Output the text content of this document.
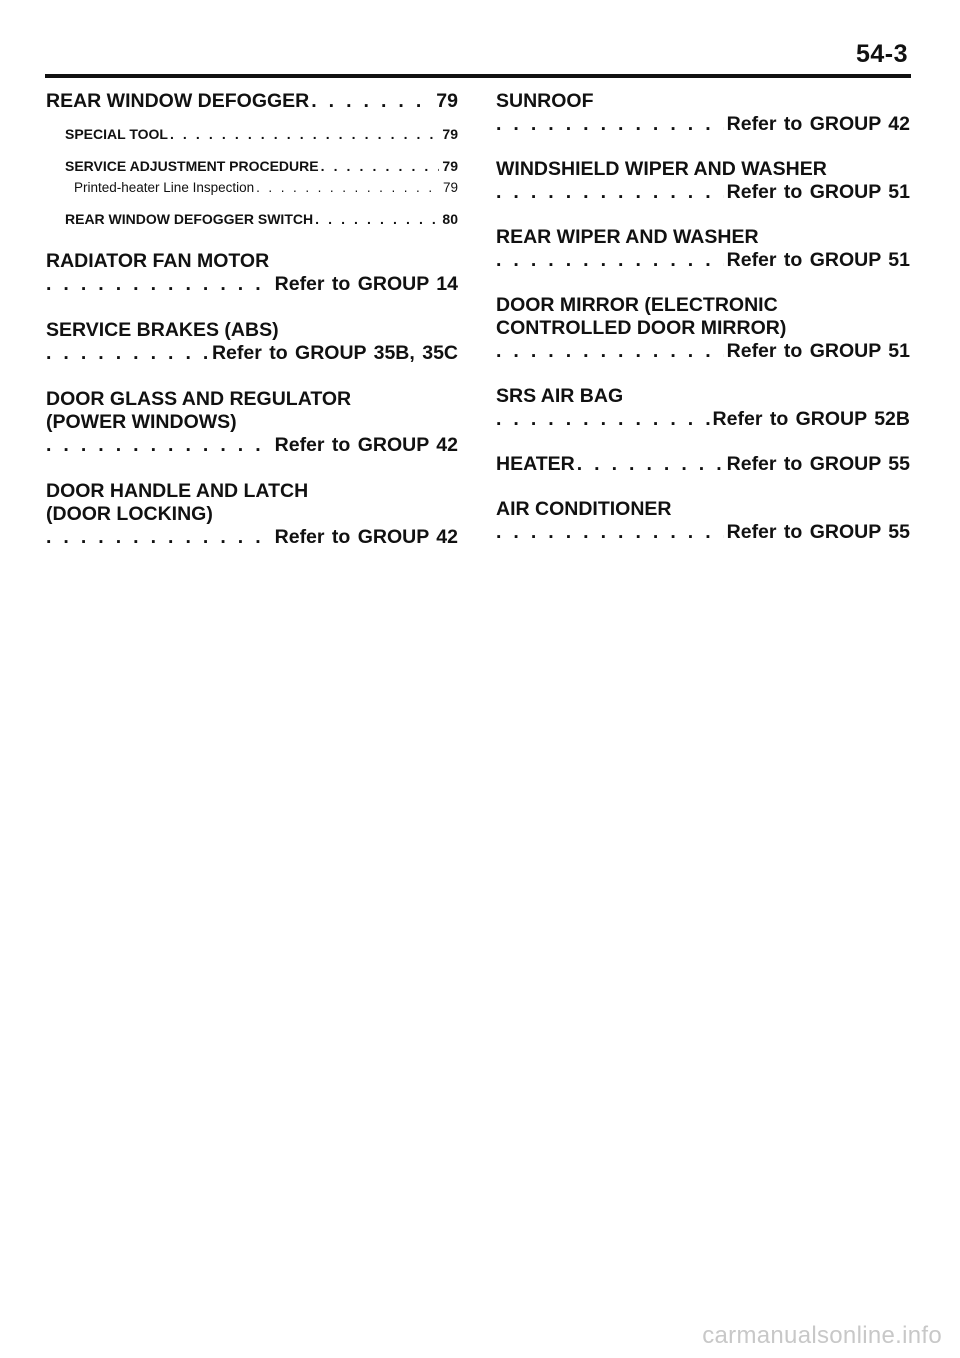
54-3
REAR WINDOW DEFOGGER . . .	79
SPECIAL TOOL . . .	79
SERVICE ADJUSTMENT PROCEDURE . . .	79
Printed-heater Line Inspection . . .	79
REAR WINDOW DEFOGGER SWITCH . . .	80
RADIATOR FAN MOTOR
. . .
Refer to GROUP 14
SERVICE BRAKES (ABS)
. . .
Refer to GROUP 35B, 35C
DOOR GLASS AND REGULATOR
(POWER WINDOWS)
. . .
Refer to GROUP 42
DOOR HANDLE AND LATCH
(DOOR LOCKING)
. . .
Refer to GROUP 42
SUNROOF
. . .
Refer to GROUP 42
WINDSHIELD WIPER AND WASHER
. . .
Refer to GROUP 51
REAR WIPER AND WASHER
. . .
Refer to GROUP 51
DOOR MIRROR (ELECTRONIC
CONTROLLED DOOR MIRROR)
. . .
Refer to GROUP 51
SRS AIR BAG
. . .
Refer to GROUP 52B
HEATER . . .	Refer to GROUP 55
AIR CONDITIONER
. . .
Refer to GROUP 55
carmanualsonline.info
